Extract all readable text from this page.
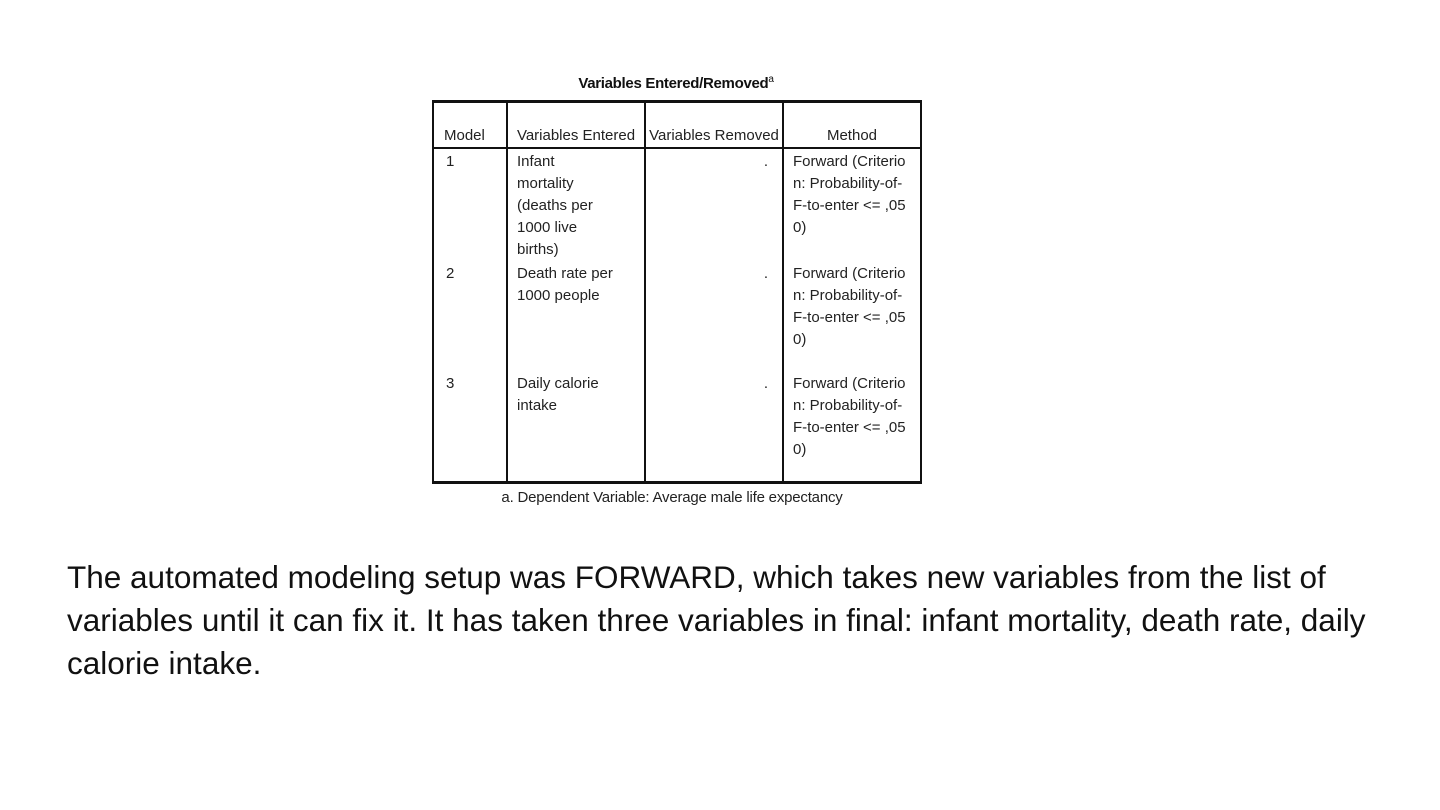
Variables Entered/Removed$^a$
Model	Variables Entered	Variables Removed	Method
1	Infant mortality (deaths per 1000 live births)	.	Forward (Criterion: Probability-of-F-to-enter <= ,050)

2	Death rate per 1000 people	.	Forward (Criterion: Probability-of-F-to-enter <= ,050)

3	Daily calorie intake	.	Forward (Criterion: Probability-of-F-to-enter <= ,050)
a. Dependent Variable: Average male life expectancy

The automated modeling setup was FORWARD, which takes new variables from the list of variables until it can fix it. It has taken three variables in final: infant mortality, death rate, daily calorie intake.
